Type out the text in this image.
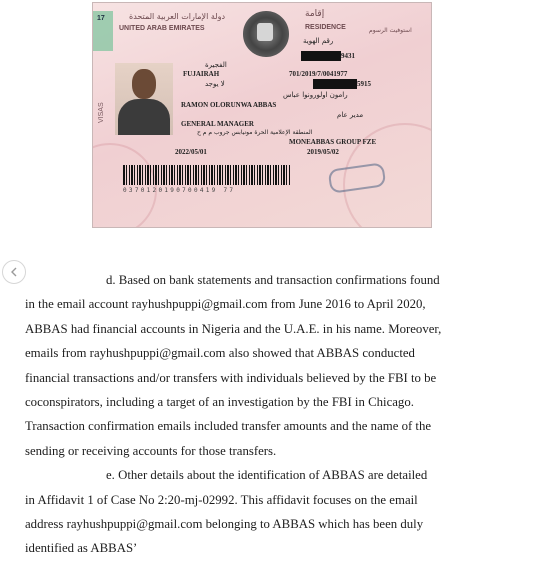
17
VISAS
دولة الإمارات العربية المتحدة
UNITED ARAB EMIRATES
إقامة
RESIDENCE	استوفيت الرسوم
رقم الهوية
9431
الفجيرة
FUJAIRAH	701/2019/7/0041977
لا يوجد	5915
رامون اولورونوا عباس
RAMON OLORUNWA ABBAS
مدير عام
GENERAL MANAGER
المنطقة الإعلامية الحرة مونيابس جروب م م ح
MONEABBAS GROUP FZE
2022/05/01	2019/05/02
0370120190700419 77

d. Based on bank statements and transaction confirmations found

in the email account rayhushpuppi@gmail.com from June 2016 to April 2020,

ABBAS had financial accounts in Nigeria and the U.A.E. in his name. Moreover,

emails from rayhushpuppi@gmail.com also showed that ABBAS conducted

financial transactions and/or transfers with individuals believed by the FBI to be

coconspirators, including a target of an investigation by the FBI in Chicago.

Transaction confirmation emails included transfer amounts and the name of the

sending or receiving accounts for those transfers.

e. Other details about the identification of ABBAS are detailed

in Affidavit 1 of Case No 2:20-mj-02992. This affidavit focuses on the email

address rayhushpuppi@gmail.com belonging to ABBAS which has been duly

identified as ABBAS’
